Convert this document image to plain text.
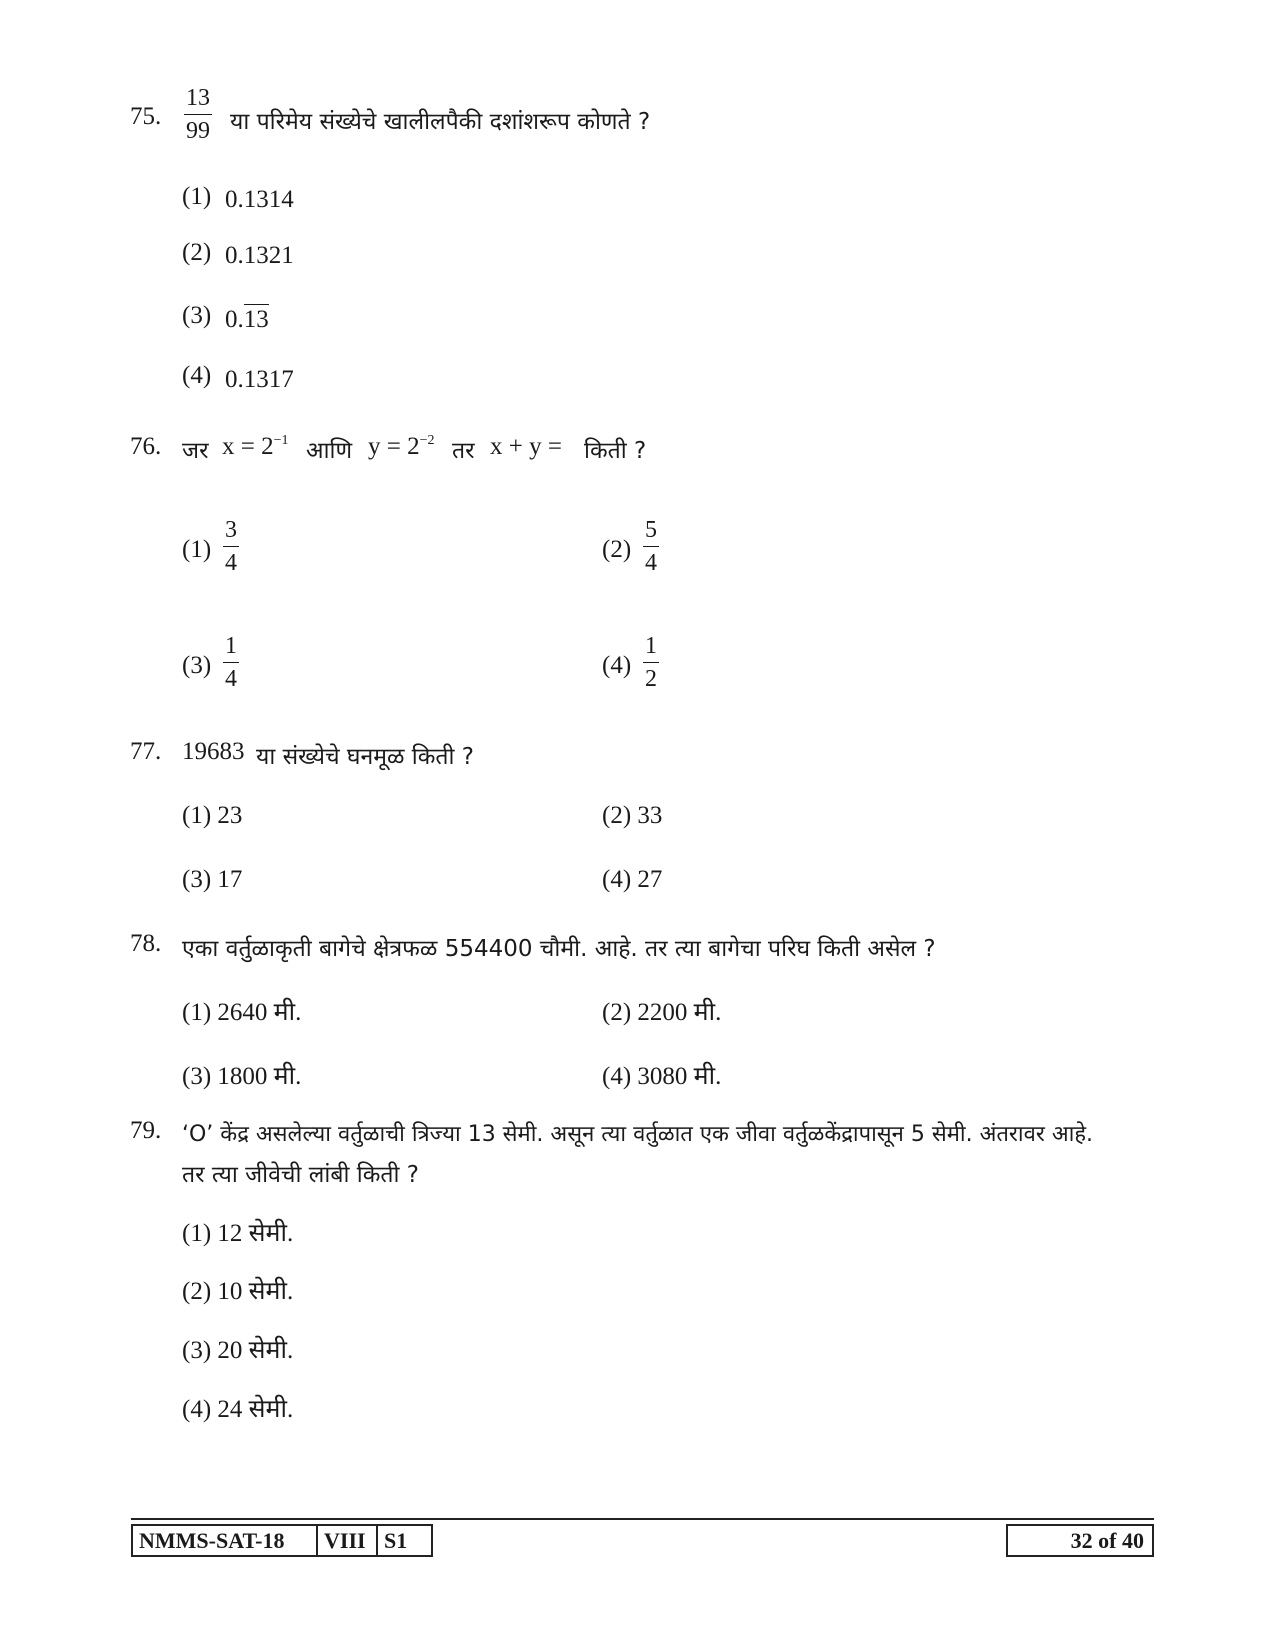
75. $\frac{13}{99}$ या परिमेय संख्येचे खालीलपैकी दशांशरूप कोणते ?
(1) 0.1314
(2) 0.1321
(3) 0.13
(4) 0.1317
76. जर $x = 2^{-1}$ आणि $y = 2^{-2}$ तर x + y = किती ?
$(1) \frac{3}{4}$	$(2) \frac{5}{4}$
$(3) \frac{1}{4}$	$(4) \frac{1}{2}$
77. 19683 या संख्येचे घनमूळ किती ?
(1) 23	(2) 33
(3) 17	(4) 27
78. एका वर्तुळाकृती बागेचे क्षेत्रफळ 554400 चौमी. आहे. तर त्या बागेचा परिघ किती असेल ?
(1) 2640 मी.	(2) 2200 मी.
(3) 1800 मी.	(4) 3080 मी.
79. ‘O’ केंद्र असलेल्या वर्तुळाची त्रिज्या 13 सेमी. असून त्या वर्तुळात एक जीवा वर्तुळकेंद्रापासून 5 सेमी. अंतरावर आहे.
तर त्या जीवेची लांबी किती ?
(1) 12 सेमी.
(2) 10 सेमी.
(3) 20 सेमी.
(4) 24 सेमी.
NMMS-SAT-18 VIII S1	32 of 40
